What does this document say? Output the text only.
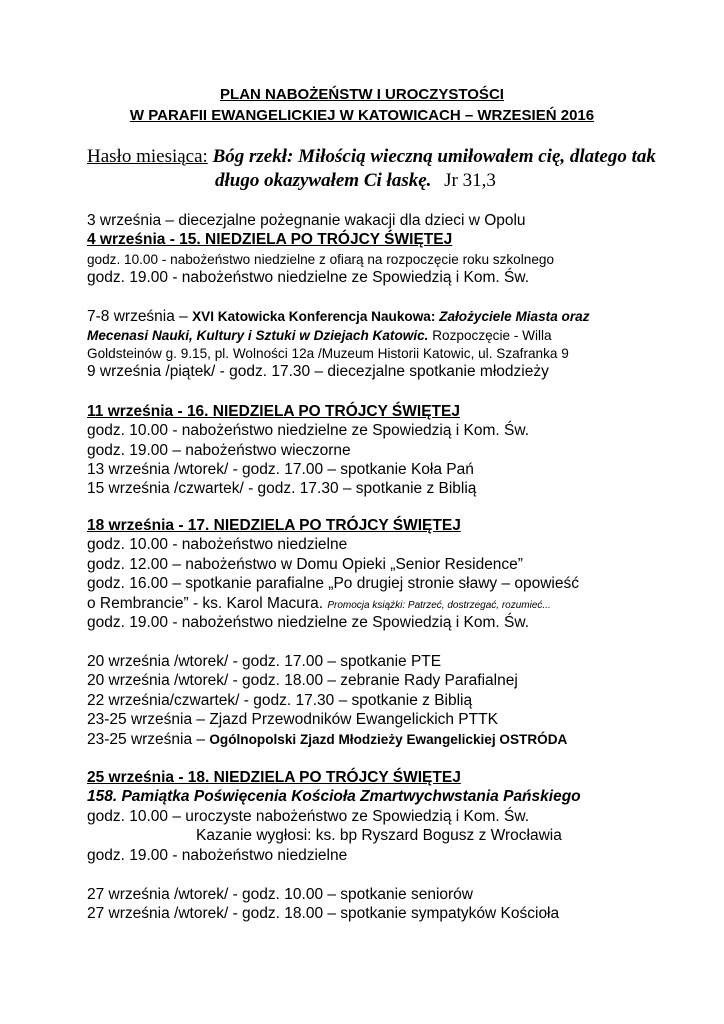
PLAN NABOŻEŃSTW I UROCZYSTOŚCI
W PARAFII EWANGELICKIEJ W KATOWICACH – WRZESIEŃ 2016
Hasło miesiąca: Bóg rzekł: Miłością wieczną umiłowałem cię, dlatego tak
długo okazywałem Ci łaskę. Jr 31,3
3 września – diecezjalne pożegnanie wakacji dla dzieci w Opolu
4 września - 15. NIEDZIELA PO TRÓJCY ŚWIĘTEJ
godz. 10.00 - nabożeństwo niedzielne z ofiarą na rozpoczęcie roku szkolnego
godz. 19.00 - nabożeństwo niedzielne ze Spowiedzią i Kom. Św.
7-8 września – XVI Katowicka Konferencja Naukowa: Założyciele Miasta oraz
Mecenasi Nauki, Kultury i Sztuki w Dziejach Katowic. Rozpoczęcie - Willa
Goldsteinów g. 9.15, pl. Wolności 12a /Muzeum Historii Katowic, ul. Szafranka 9
9 września /piątek/ - godz. 17.30 – diecezjalne spotkanie młodzieży
11 września - 16. NIEDZIELA PO TRÓJCY ŚWIĘTEJ
godz. 10.00 - nabożeństwo niedzielne ze Spowiedzią i Kom. Św.
godz. 19.00 – nabożeństwo wieczorne
13 września /wtorek/ - godz. 17.00 – spotkanie Koła Pań
15 września /czwartek/ - godz. 17.30 – spotkanie z Biblią
18 września - 17. NIEDZIELA PO TRÓJCY ŚWIĘTEJ
godz. 10.00 - nabożeństwo niedzielne
godz. 12.00 – nabożeństwo w Domu Opieki „Senior Residence”
godz. 16.00 – spotkanie parafialne „Po drugiej stronie sławy – opowieść
o Rembrancie” - ks. Karol Macura. Promocja książki: Patrzeć, dostrzegać, rozumieć...
godz. 19.00 - nabożeństwo niedzielne ze Spowiedzią i Kom. Św.
20 września /wtorek/ - godz. 17.00 – spotkanie PTE
20 września /wtorek/ - godz. 18.00 – zebranie Rady Parafialnej
22 września/czwartek/ - godz. 17.30 – spotkanie z Biblią
23-25 września – Zjazd Przewodników Ewangelickich PTTK
23-25 września – Ogólnopolski Zjazd Młodzieży Ewangelickiej OSTRÓDA
25 września - 18. NIEDZIELA PO TRÓJCY ŚWIĘTEJ
158. Pamiątka Poświęcenia Kościoła Zmartwychwstania Pańskiego
godz. 10.00 – uroczyste nabożeństwo ze Spowiedzią i Kom. Św.
Kazanie wygłosi: ks. bp Ryszard Bogusz z Wrocławia
godz. 19.00 - nabożeństwo niedzielne
27 września /wtorek/ - godz. 10.00 – spotkanie seniorów
27 września /wtorek/ - godz. 18.00 – spotkanie sympatyków Kościoła
